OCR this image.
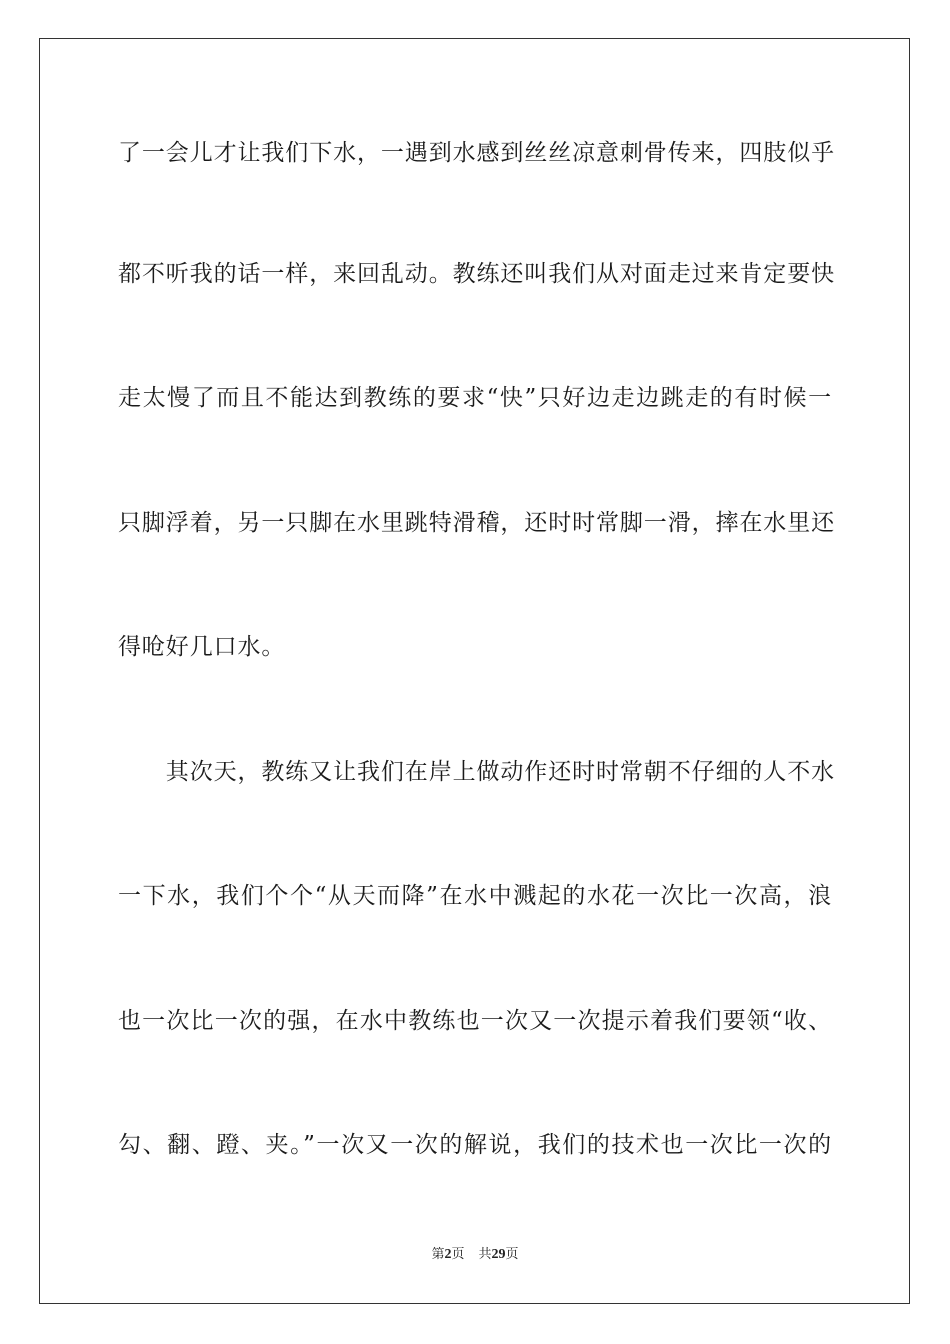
了一会儿才让我们下水，一遇到水感到丝丝凉意刺骨传来，四肢似乎
都不听我的话一样，来回乱动。教练还叫我们从对面走过来肯定要快
走太慢了而且不能达到教练的要求“快”只好边走边跳走的有时候一
只脚浮着，另一只脚在水里跳特滑稽，还时时常脚一滑，摔在水里还
得呛好几口水。
　　其次天，教练又让我们在岸上做动作还时时常朝不仔细的人不水
一下水，我们个个“从天而降”在水中溅起的水花一次比一次高，浪
也一次比一次的强，在水中教练也一次又一次提示着我们要领“收、
勾、翻、蹬、夹。”一次又一次的解说，我们的技术也一次比一次的
第2页 共29页
